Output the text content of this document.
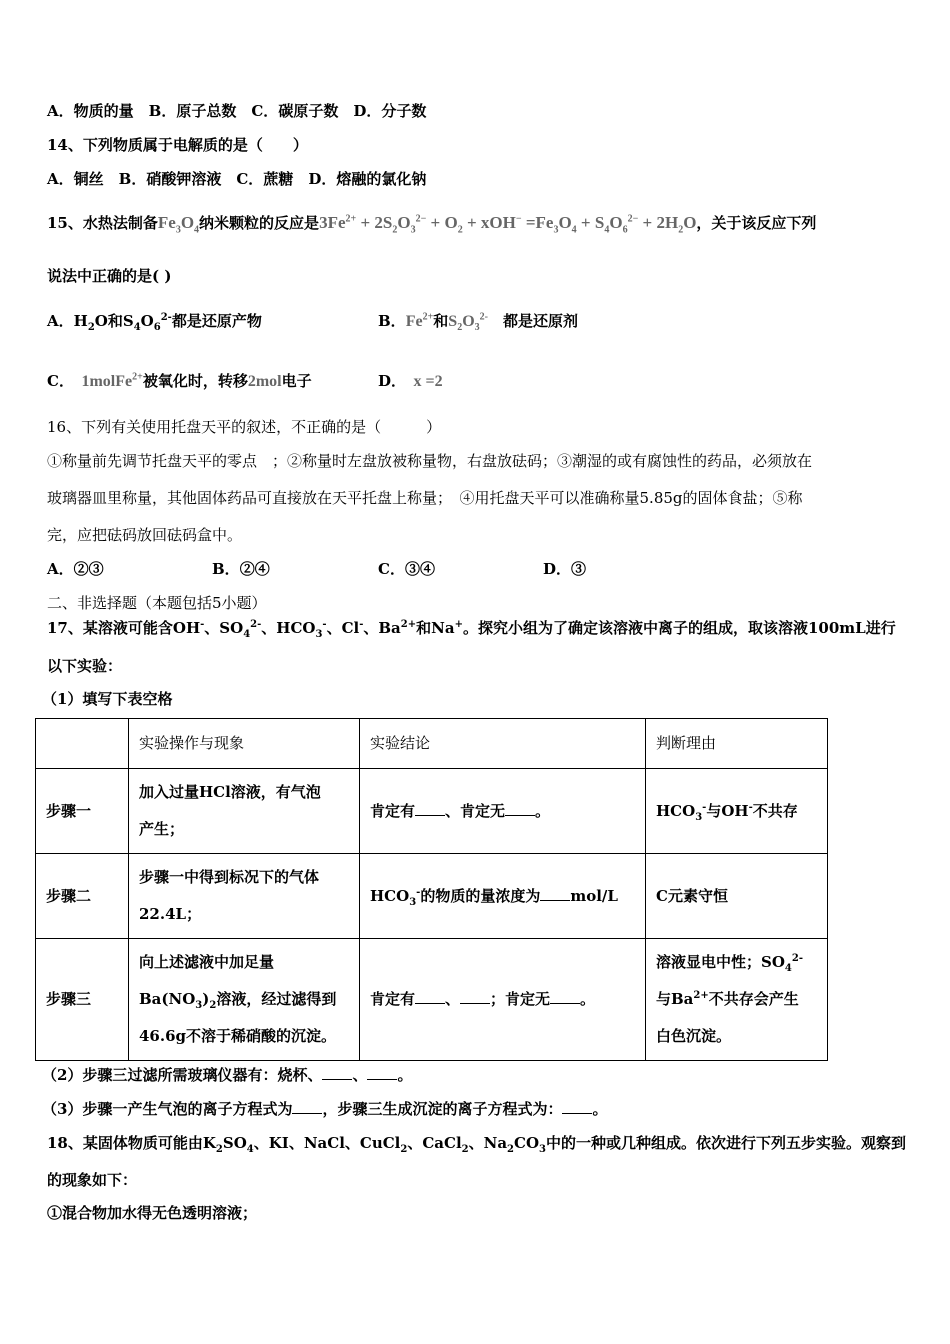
A．物质的量　B．原子总数　C．碳原子数　D．分子数
14、下列物质属于电解质的是（　　）
A．铜丝　B．硝酸钾溶液　C．蔗糖　D．熔融的氯化钠
15、水热法制备$Fe_3O_4$纳米颗粒的反应是$3Fe^{2+} + 2S_2O_3^{2-} + O_2 + xOH^- =Fe_3O_4 + S_4O_6^{2-} + 2H_2O$，关于该反应下列
说法中正确的是( )
A．$H_2O$和$S_4O_6^{2-}$都是还原产物	B．$Fe^{2+}$和$S_2O_3^{2-}$　 都是还原剂
C．　1molFe$^{2+}$被氧化时，转移2mol电子	D．　x =2
16、下列有关使用托盘天平的叙述，不正确的是（　　　）
①称量前先调节托盘天平的零点　；②称量时左盘放被称量物，右盘放砝码；③潮湿的或有腐蚀性的药品，必须放在
玻璃器皿里称量，其他固体药品可直接放在天平托盘上称量；　④用托盘天平可以准确称量5.85g的固体食盐；⑤称
完，应把砝码放回砝码盒中。
A．②③	B．②④	C．③④	D．③
二、非选择题（本题包括5小题）
17、某溶液可能含OH-、$SO_4^{2-}$、$HCO_3^-$、Cl-、$Ba^{2+}$和Na+。探究小组为了确定该溶液中离子的组成，取该溶液100mL进行
以下实验：
（1）填写下表空格
	实验操作与现象	实验结论	判断理由
步骤一	加入过量HCl溶液，有气泡
产生；	肯定有 、肯定无 。	$HCO_3^-$与OH-不共存
步骤二	步骤一中得到标况下的气体
22.4L；	$HCO_3^-$的物质的量浓度为 mol/L	C元素守恒
步骤三	向上述滤液中加足量
$Ba(NO_3)_2$溶液，经过滤得到
46.6g不溶于稀硝酸的沉淀。	肯定有 、 ；肯定无 。	溶液显电中性；$SO_4^{2-}$
与$Ba^{2+}$不共存会产生
白色沉淀。
（2）步骤三过滤所需玻璃仪器有：烧杯、 、 。
（3）步骤一产生气泡的离子方程式为 ，步骤三生成沉淀的离子方程式为： 。
18、某固体物质可能由$K_2SO_4$、KI、NaCl、CuCl$_2$、CaCl$_2$、$Na_2CO_3$中的一种或几种组成。依次进行下列五步实验。观察到
的现象如下：
①混合物加水得无色透明溶液；
